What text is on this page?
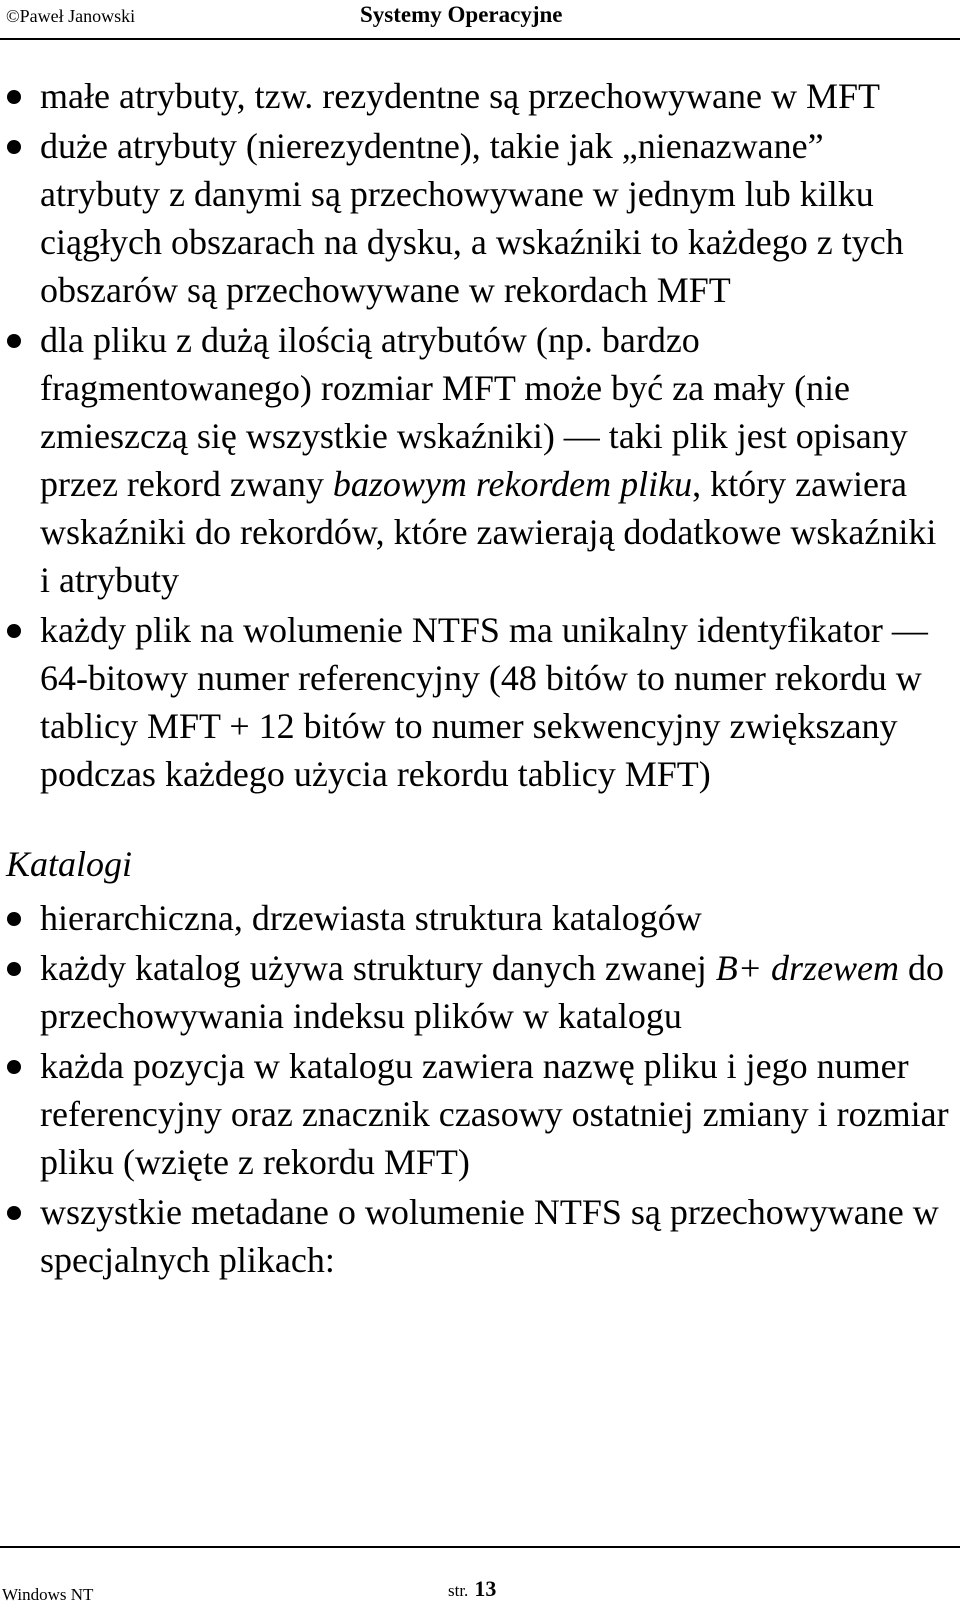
©Paweł Janowski	Systemy Operacyjne
małe atrybuty, tzw. rezydentne są przechowywane w MFT
duże atrybuty (nierezydentne), takie jak „nienazwane” atrybuty z danymi są przechowywane w jednym lub kilku ciągłych obszarach na dysku, a wskaźniki to każdego z tych obszarów są przechowywane w rekordach MFT
dla pliku z dużą ilością atrybutów (np. bardzo fragmentowanego) rozmiar MFT może być za mały (nie zmieszczą się wszystkie wskaźniki) — taki plik jest opisany przez rekord zwany bazowym rekordem pliku, który zawiera wskaźniki do rekordów, które zawierają dodatkowe wskaźniki i atrybuty
każdy plik na wolumenie NTFS ma unikalny identyfikator — 64-bitowy numer referencyjny (48 bitów to numer rekordu w tablicy MFT + 12 bitów to numer sekwencyjny zwiększany podczas każdego użycia rekordu tablicy MFT)
Katalogi
hierarchiczna, drzewiasta struktura katalogów
każdy katalog używa struktury danych zwanej B+ drzewem do przechowywania indeksu plików w katalogu
każda pozycja w katalogu zawiera nazwę pliku i jego numer referencyjny oraz znacznik czasowy ostatniej zmiany i rozmiar pliku (wzięte z rekordu MFT)
wszystkie metadane o wolumenie NTFS są przechowywane w specjalnych plikach:
Windows NT	str. 13
